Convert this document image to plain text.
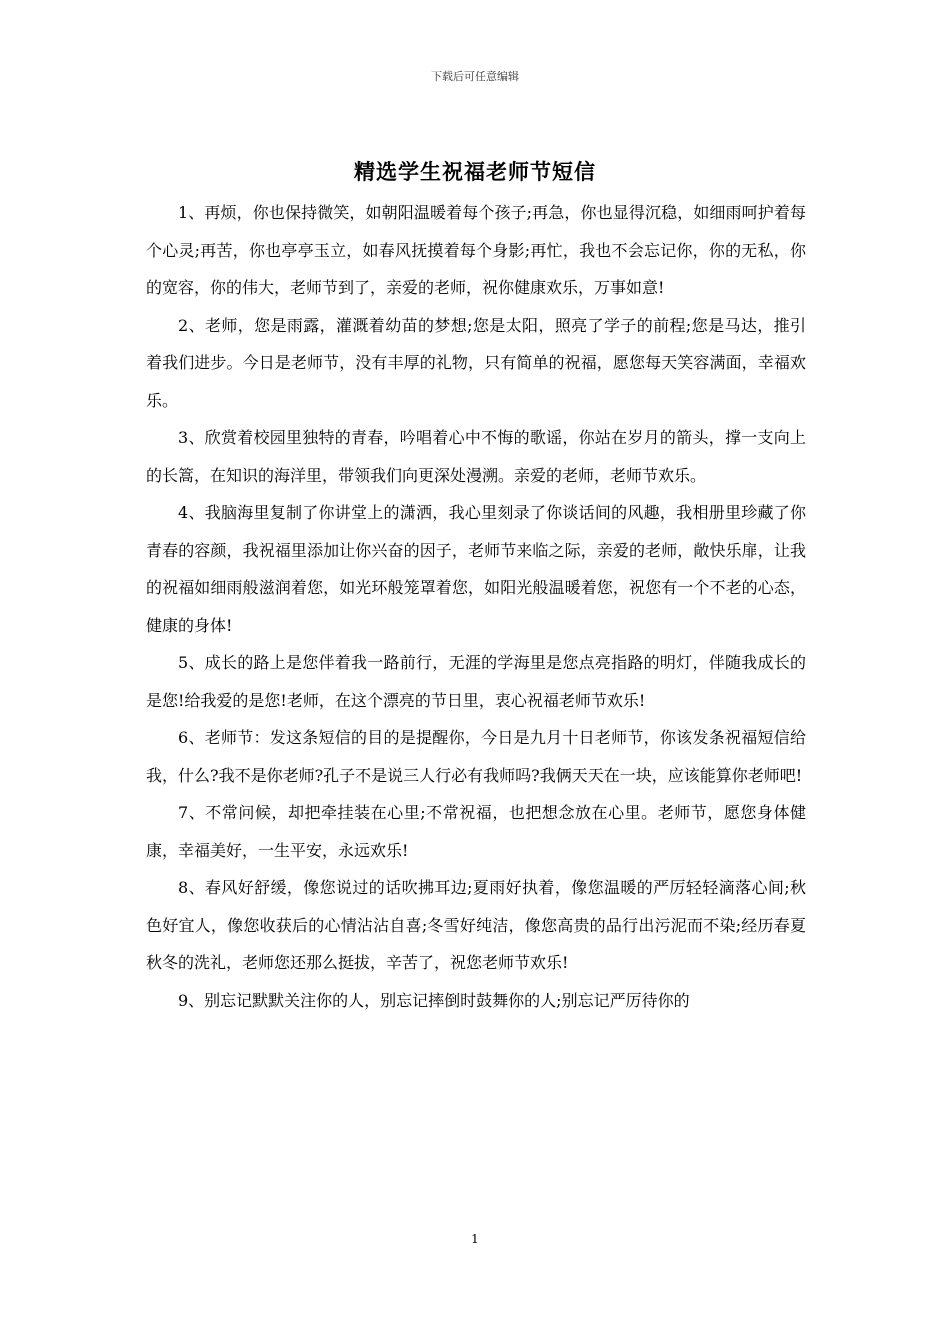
下载后可任意编辑
精选学生祝福老师节短信

1、再烦，你也保持微笑，如朝阳温暖着每个孩子;再急，你也显得沉稳，如细雨呵护着每个心灵;再苦，你也亭亭玉立，如春风抚摸着每个身影;再忙，我也不会忘记你，你的无私，你的宽容，你的伟大，老师节到了，亲爱的老师，祝你健康欢乐，万事如意!

2、老师，您是雨露，灌溉着幼苗的梦想;您是太阳，照亮了学子的前程;您是马达，推引着我们进步。今日是老师节，没有丰厚的礼物，只有简单的祝福，愿您每天笑容满面，幸福欢乐。

3、欣赏着校园里独特的青春，吟唱着心中不悔的歌谣，你站在岁月的箭头，撑一支向上的长篙，在知识的海洋里，带领我们向更深处漫溯。亲爱的老师，老师节欢乐。

4、我脑海里复制了你讲堂上的潇洒，我心里刻录了你谈话间的风趣，我相册里珍藏了你青春的容颜，我祝福里添加让你兴奋的因子，老师节来临之际，亲爱的老师，敞快乐扉，让我的祝福如细雨般滋润着您，如光环般笼罩着您，如阳光般温暖着您，祝您有一个不老的心态，健康的身体!

5、成长的路上是您伴着我一路前行，无涯的学海里是您点亮指路的明灯，伴随我成长的是您!给我爱的是您!老师，在这个漂亮的节日里，衷心祝福老师节欢乐!

6、老师节：发这条短信的目的是提醒你，今日是九月十日老师节，你该发条祝福短信给我，什么?我不是你老师?孔子不是说三人行必有我师吗?我俩天天在一块，应该能算你老师吧!

7、不常问候，却把牵挂装在心里;不常祝福，也把想念放在心里。老师节，愿您身体健康，幸福美好，一生平安，永远欢乐!

8、春风好舒缓，像您说过的话吹拂耳边;夏雨好执着，像您温暖的严厉轻轻滴落心间;秋色好宜人，像您收获后的心情沾沾自喜;冬雪好纯洁，像您高贵的品行出污泥而不染;经历春夏秋冬的洗礼，老师您还那么挺拔，辛苦了，祝您老师节欢乐!

9、别忘记默默关注你的人，别忘记摔倒时鼓舞你的人;别忘记严厉待你的

1
